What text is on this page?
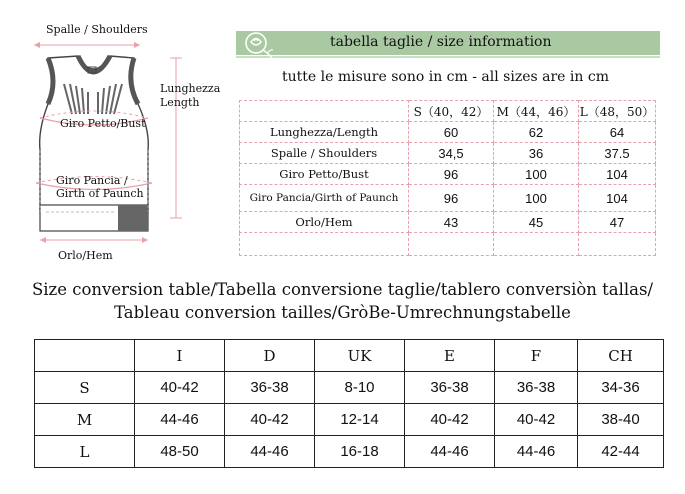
Spalle / Shoulders
Lunghezza
Length
Giro Petto/Bust
Giro Pancia /
Girth of Paunch
Orlo/Hem
tabella taglie / size information
tutte le misure sono in cm - all sizes are in cm
	S（40，42）	M（44，46）	L（48，50）
Lunghezza/Length	60	62	64
Spalle / Shoulders	34,5	36	37.5
Giro Petto/Bust	96	100	104
Giro Pancia/Girth of Paunch	96	100	104
Orlo/Hem	43	45	47

Size conversion table/Tabella conversione taglie/tablero conversiòn tallas/
Tableau conversion tailles/GròBe-Umrechnungstabelle
	I	D	UK	E	F	CH
S	40-42	36-38	8-10	36-38	36-38	34-36
M	44-46	40-42	12-14	40-42	40-42	38-40
L	48-50	44-46	16-18	44-46	44-46	42-44
